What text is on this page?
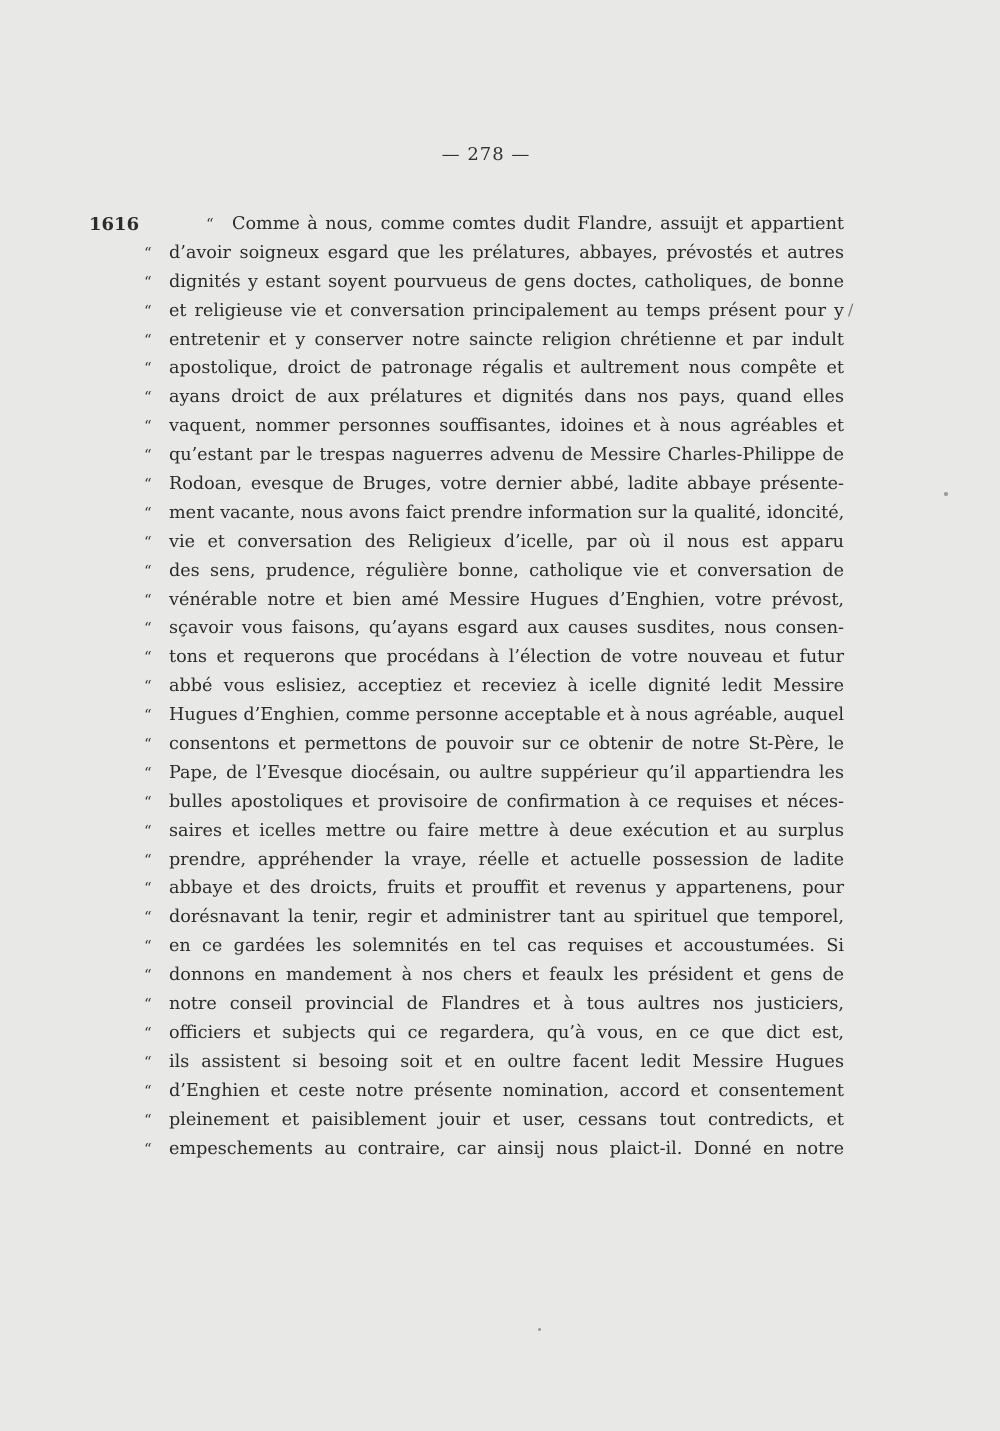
— 278 —
1616
/
“	Comme à nous, comme comtes dudit Flandre, assuijt et appartient
“ d’avoir soigneux esgard que les prélatures, abbayes, prévostés et autres
“ dignités y estant soyent pourvueus de gens doctes, catholiques, de bonne
“ et religieuse vie et conversation principalement au temps présent pour y
“ entretenir et y conserver notre saincte religion chrétienne et par indult
“ apostolique, droict de patronage régalis et aultrement nous compête et
“ ayans droict de aux prélatures et dignités dans nos pays, quand elles
“ vaquent, nommer personnes souffisantes, idoines et à nous agréables et
“ qu’estant par le trespas naguerres advenu de Messire Charles-Philippe de
“ Rodoan, evesque de Bruges, votre dernier abbé, ladite abbaye présente-
“ ment vacante, nous avons faict prendre information sur la qualité, idoncité,
“ vie et conversation des Religieux d’icelle, par où il nous est apparu
“ des sens, prudence, régulière bonne, catholique vie et conversation de
“ vénérable notre et bien amé Messire Hugues d’Enghien, votre prévost,
“ sçavoir vous faisons, qu’ayans esgard aux causes susdites, nous consen-
“ tons et requerons que procédans à l’élection de votre nouveau et futur
“ abbé vous eslisiez, acceptiez et receviez à icelle dignité ledit Messire
“ Hugues d’Enghien, comme personne acceptable et à nous agréable, auquel
“ consentons et permettons de pouvoir sur ce obtenir de notre St-Père, le
“ Pape, de l’Evesque diocésain, ou aultre suppérieur qu’il appartiendra les
“ bulles apostoliques et provisoire de confirmation à ce requises et néces-
“ saires et icelles mettre ou faire mettre à deue exécution et au surplus
“ prendre, appréhender la vraye, réelle et actuelle possession de ladite
“ abbaye et des droicts, fruits et prouffit et revenus y appartenens, pour
“ dorésnavant la tenir, regir et administrer tant au spirituel que temporel,
“ en ce gardées les solemnités en tel cas requises et accoustumées. Si
“ donnons en mandement à nos chers et feaulx les président et gens de
“ notre conseil provincial de Flandres et à tous aultres nos justiciers,
“ officiers et subjects qui ce regardera, qu’à vous, en ce que dict est,
“ ils assistent si besoing soit et en oultre facent ledit Messire Hugues
“ d’Enghien et ceste notre présente nomination, accord et consentement
“ pleinement et paisiblement jouir et user, cessans tout contredicts, et
“ empeschements au contraire, car ainsij nous plaict-il. Donné en notre
